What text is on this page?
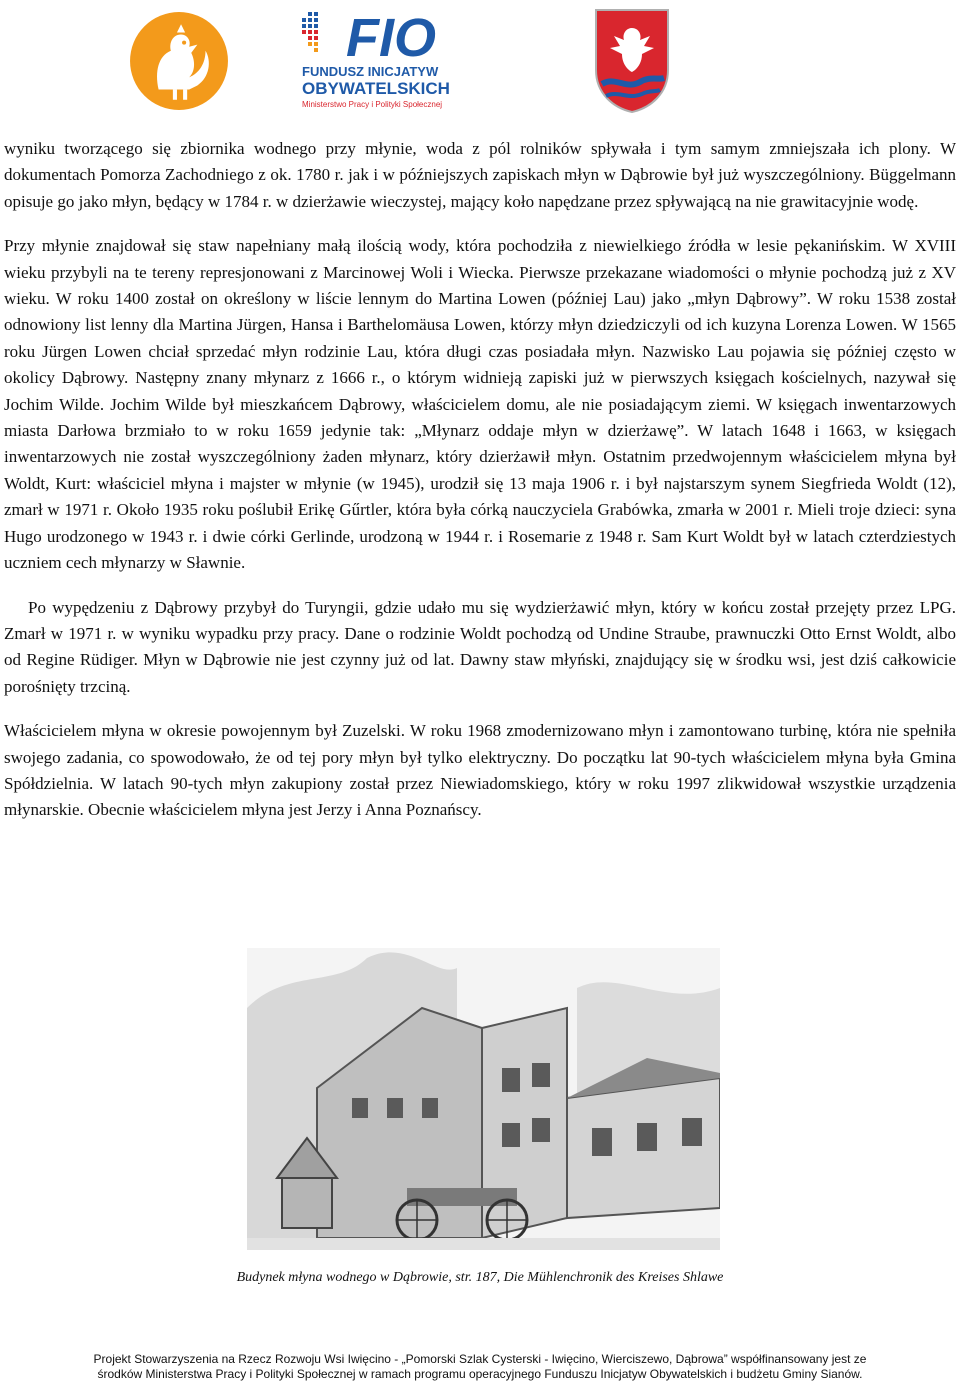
FIO
FUNDUSZ INICJATYW
OBYWATELSKICH
Ministerstwo Pracy i Polityki Społecznej

wyniku tworzącego się zbiornika wodnego przy młynie, woda z pól rolników spływała i tym samym zmniejszała ich plony. W dokumentach Pomorza Zachodniego z ok. 1780 r. jak i w późniejszych zapiskach młyn w Dąbrowie był już wyszczególniony. Büggelmann opisuje go jako młyn, będący w 1784 r. w dzierżawie wieczystej, mający koło napędzane przez spływającą na nie grawitacyjnie wodę.

Przy młynie znajdował się staw napełniany małą ilością wody, która pochodziła z niewielkiego źródła w lesie pękanińskim. W XVIII wieku przybyli na te tereny represjonowani z Marcinowej Woli i Wiecka. Pierwsze przekazane wiadomości o młynie pochodzą już z XV wieku. W roku 1400 został on określony w liście lennym do Martina Lowen (później Lau) jako „młyn Dąbrowy”. W roku 1538 został odnowiony list lenny dla Martina Jürgen, Hansa i Barthelomäusa Lowen, którzy młyn dziedziczyli od ich kuzyna Lorenza Lowen. W 1565 roku Jürgen Lowen chciał sprzedać młyn rodzinie Lau, która długi czas posiadała młyn. Nazwisko Lau pojawia się później często w okolicy Dąbrowy. Następny znany młynarz z 1666 r., o którym widnieją zapiski już w pierwszych księgach kościelnych, nazywał się Jochim Wilde. Jochim Wilde był mieszkańcem Dąbrowy, właścicielem domu, ale nie posiadającym ziemi. W księgach inwentarzowych miasta Darłowa brzmiało to w roku 1659 jedynie tak: „Młynarz oddaje młyn w dzierżawę”. W latach 1648 i 1663, w księgach inwentarzowych nie został wyszczególniony żaden młynarz, który dzierżawił młyn. Ostatnim przedwojennym właścicielem młyna był Woldt, Kurt: właściciel młyna i majster w młynie (w 1945), urodził się 13 maja 1906 r. i był najstarszym synem Siegfrieda Woldt (12), zmarł w 1971 r. Około 1935 roku poślubił Erikę Gűrtler, która była córką nauczyciela Grabówka, zmarła w 2001 r. Mieli troje dzieci: syna Hugo urodzonego w 1943 r. i dwie córki Gerlinde, urodzoną w 1944 r. i Rosemarie z 1948 r. Sam Kurt Woldt był w latach czterdziestych uczniem cech młynarzy w Sławnie.

Po wypędzeniu z Dąbrowy przybył do Turyngii, gdzie udało mu się wydzierżawić młyn, który w końcu został przejęty przez LPG. Zmarł w 1971 r. w wyniku wypadku przy pracy. Dane o rodzinie Woldt pochodzą od Undine Straube, prawnuczki Otto Ernst Woldt, albo od Regine Rüdiger. Młyn w Dąbrowie nie jest czynny już od lat. Dawny staw młyński, znajdujący się w środku wsi, jest dziś całkowicie porośnięty trzciną.

Właścicielem młyna w okresie powojennym był Zuzelski. W roku 1968 zmodernizowano młyn i zamontowano turbinę, która nie spełniła swojego zadania, co spowodowało, że od tej pory młyn był tylko elektryczny. Do początku lat 90-tych właścicielem młyna była Gmina Spółdzielnia. W latach 90-tych młyn zakupiony został przez Niewiadomskiego, który w roku 1997 zlikwidował wszystkie urządzenia młynarskie. Obecnie właścicielem młyna jest Jerzy i Anna Poznańscy.

Budynek młyna wodnego w Dąbrowie, str. 187, Die Mühlenchronik des Kreises Shlawe
Projekt Stowarzyszenia na Rzecz Rozwoju Wsi Iwięcino - „Pomorski Szlak Cysterski - Iwięcino, Wierciszewo, Dąbrowa” współfinansowany jest ze
środków Ministerstwa Pracy i Polityki Społecznej w ramach programu operacyjnego Funduszu Inicjatyw Obywatelskich i budżetu Gminy Sianów.
